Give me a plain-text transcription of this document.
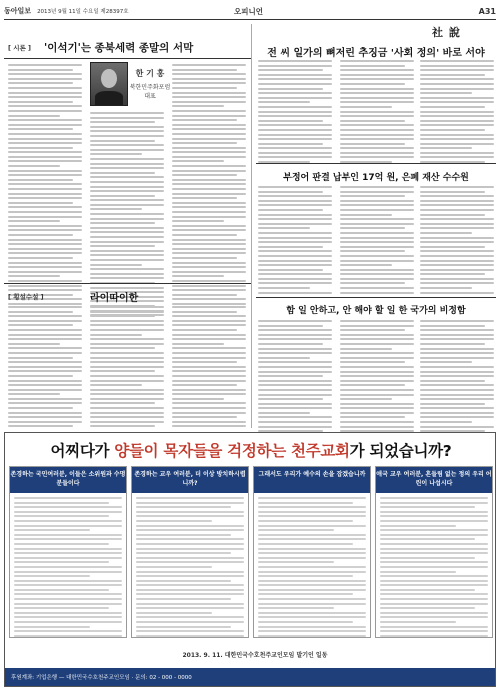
동아일보 2013년 9월 11일 수요일 제28397호	오피니언	A31
[ 시론 ] '이석기'는 종북세력 종말의 서막
한 기 홍
북한민주화포럼 대표
[ 횡설수설 ]	라이따이한
社 說
전 씨 일가의 뼈저린 추징금 '사회 정의' 바로 서야
부정어 판결 납부인 17억 원, 은폐 재산 수수원
함 일 안하고, 안 해야 할 일 한 국가의 비정함
어찌다가 양들이 목자들을 걱정하는 천주교회가 되었습니까?
존경하는 국민여러분, 이들은 소위원과 수명 분들이다
존경하는 교우 여러분, 더 이상 방치하시렵니까?
그래서도 우리가 예수의 손을 잡겠습니까	애국 교우 여러분, 흔들림 없는 정의 우리 어린이 나섭시다
2013. 9. 11. 대한민국수호천주교인모임 발기인 일동
후원계좌: 기업은행 — 대한민국수호천주교인모임 · 문의: 02 - 000 - 0000
